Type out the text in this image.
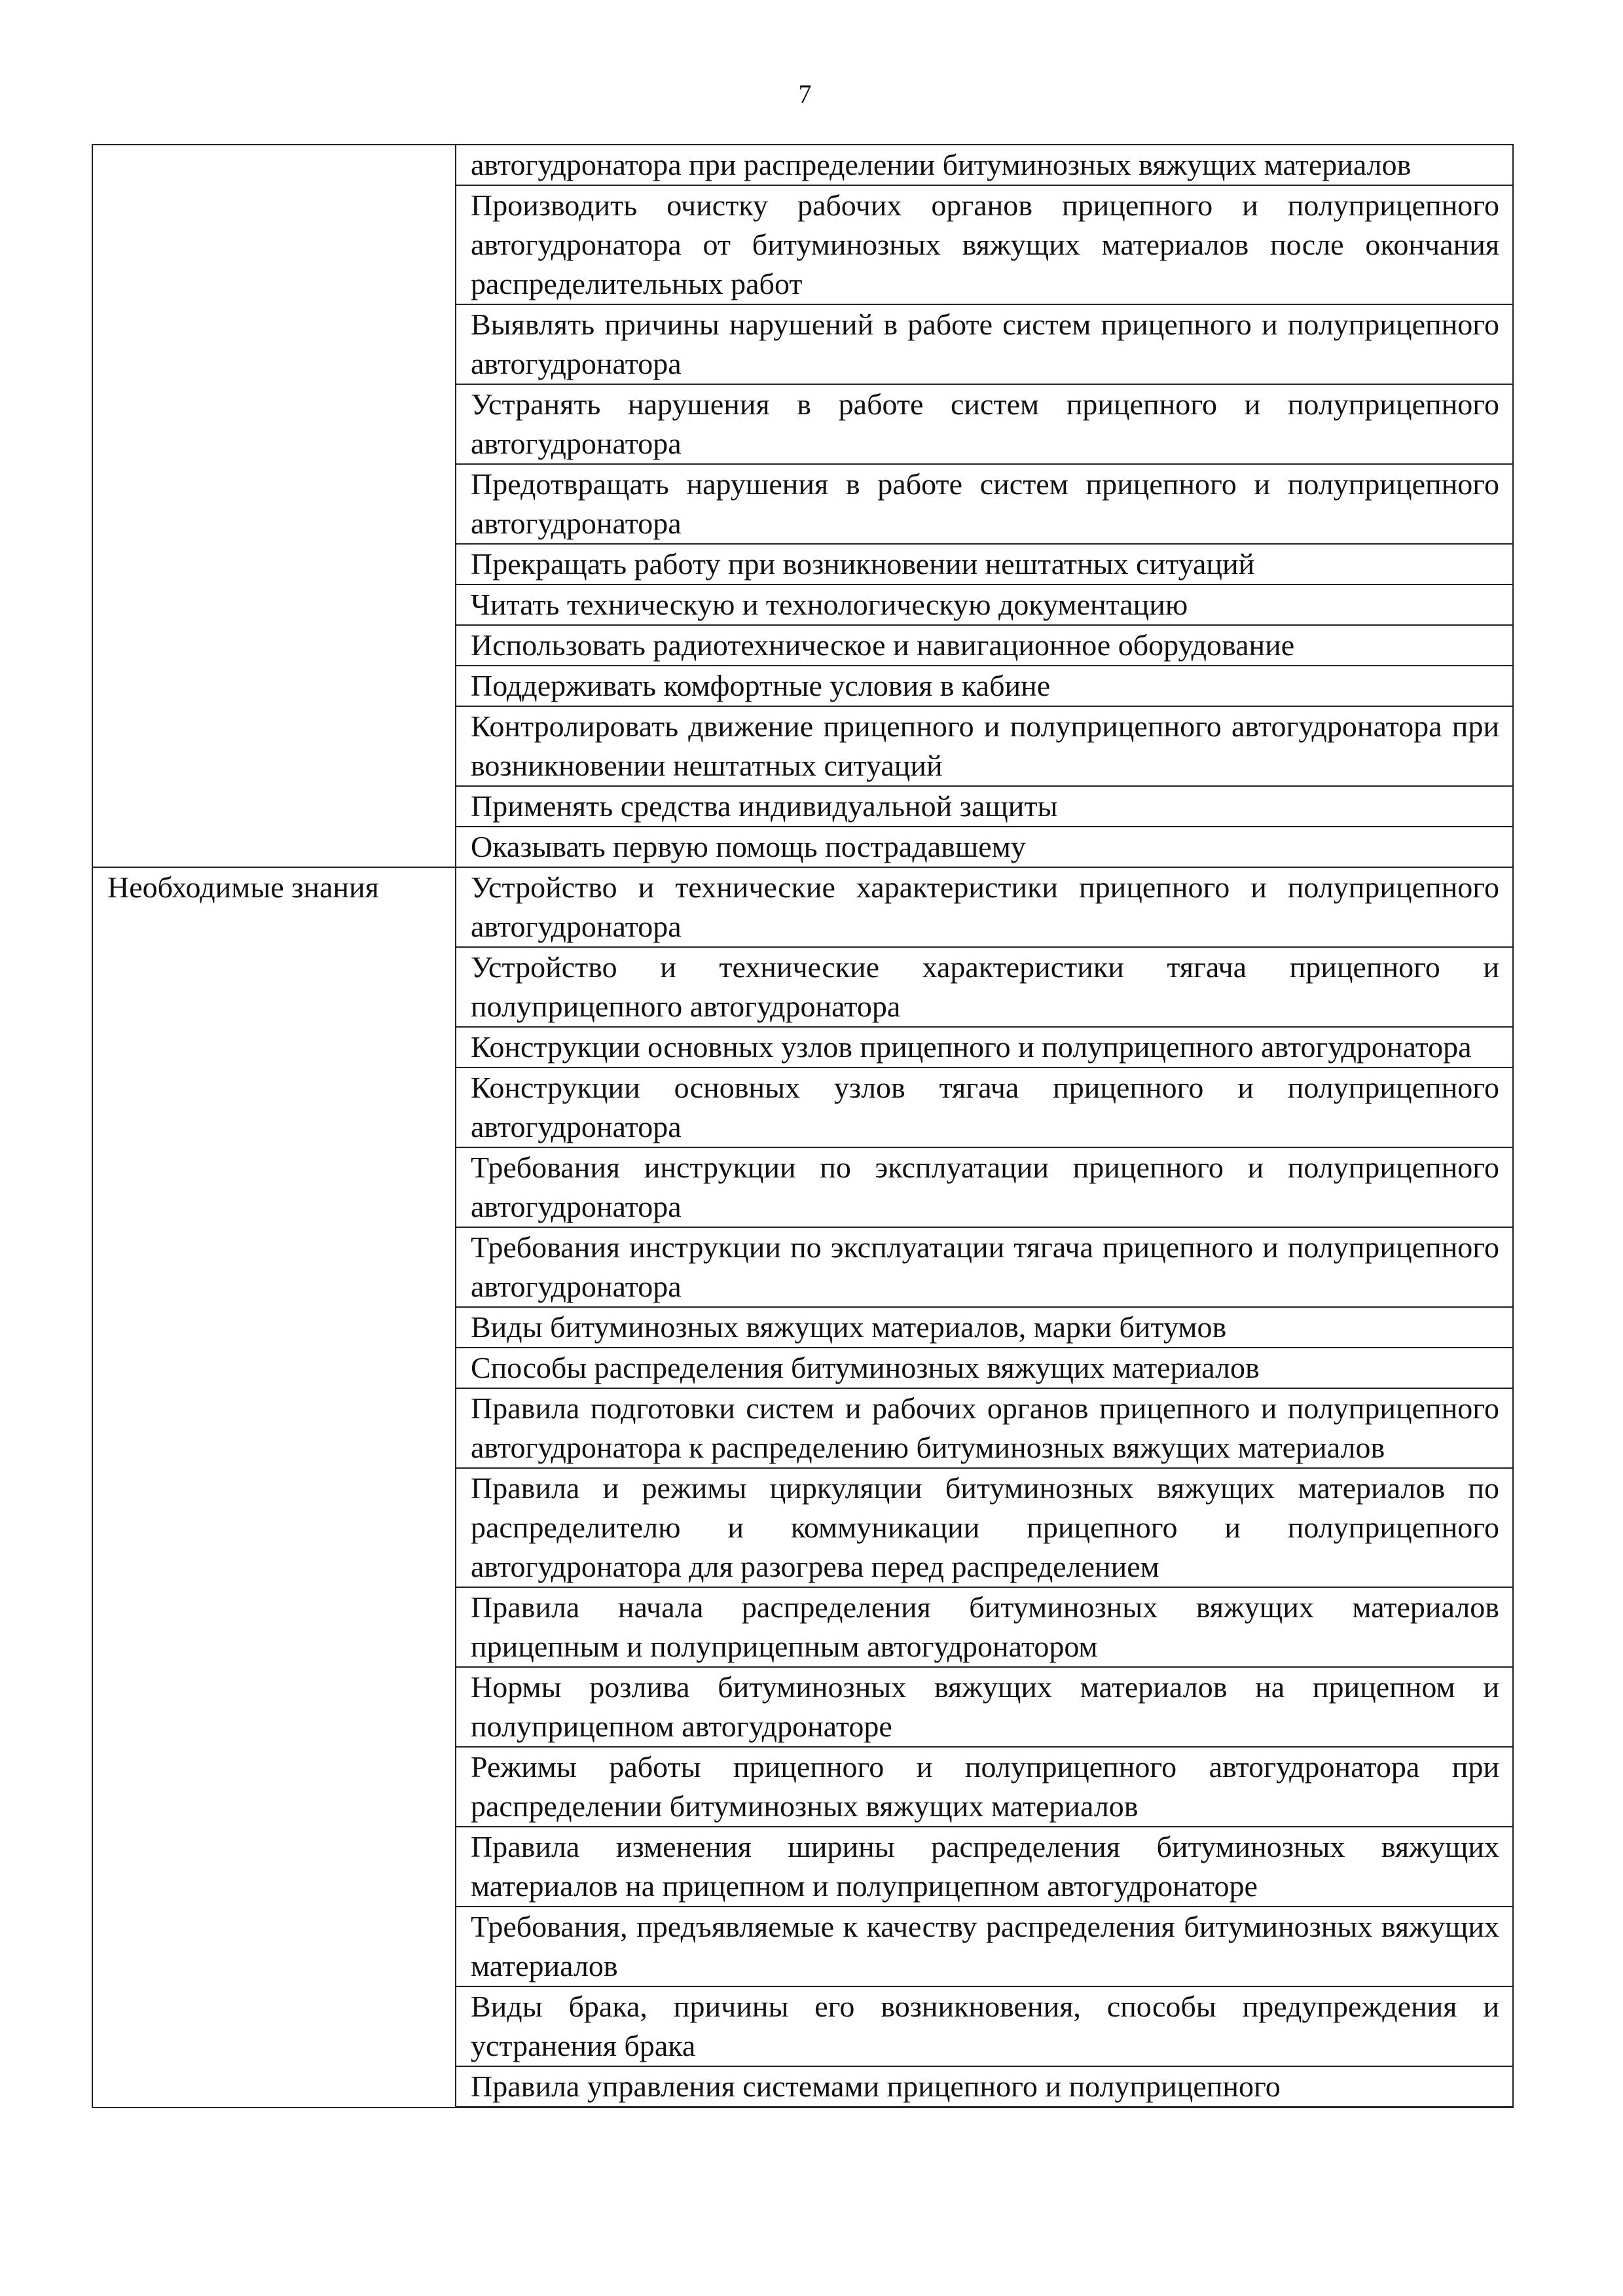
7
	автогудронатора при распределении битуминозных вяжущих материалов
	Производить очистку рабочих органов прицепного и полуприцепного автогудронатора от битуминозных вяжущих материалов после окончания распределительных работ
	Выявлять причины нарушений в работе систем прицепного и полуприцепного автогудронатора
	Устранять нарушения в работе систем прицепного и полуприцепного автогудронатора
	Предотвращать нарушения в работе систем прицепного и полуприцепного автогудронатора
	Прекращать работу при возникновении нештатных ситуаций
	Читать техническую и технологическую документацию
	Использовать радиотехническое и навигационное оборудование
	Поддерживать комфортные условия в кабине
	Контролировать движение прицепного и полуприцепного автогудронатора при возникновении нештатных ситуаций
	Применять средства индивидуальной защиты
	Оказывать первую помощь пострадавшему
Необходимые знания	Устройство и технические характеристики прицепного и полуприцепного автогудронатора
	Устройство и технические характеристики тягача прицепного и полуприцепного автогудронатора
	Конструкции основных узлов прицепного и полуприцепного автогудронатора
	Конструкции основных узлов тягача прицепного и полуприцепного автогудронатора
	Требования инструкции по эксплуатации прицепного и полуприцепного автогудронатора
	Требования инструкции по эксплуатации тягача прицепного и полуприцепного автогудронатора
	Виды битуминозных вяжущих материалов, марки битумов
	Способы распределения битуминозных вяжущих материалов
	Правила подготовки систем и рабочих органов прицепного и полуприцепного автогудронатора к распределению битуминозных вяжущих материалов
	Правила и режимы циркуляции битуминозных вяжущих материалов по распределителю и коммуникации прицепного и полуприцепного автогудронатора для разогрева перед распределением
	Правила начала распределения битуминозных вяжущих материалов прицепным и полуприцепным автогудронатором
	Нормы розлива битуминозных вяжущих материалов на прицепном и полуприцепном автогудронаторе
	Режимы работы прицепного и полуприцепного автогудронатора при распределении битуминозных вяжущих материалов
	Правила изменения ширины распределения битуминозных вяжущих материалов на прицепном и полуприцепном автогудронаторе
	Требования, предъявляемые к качеству распределения битуминозных вяжущих материалов
	Виды брака, причины его возникновения, способы предупреждения и устранения брака
	Правила управления системами прицепного и полуприцепного
